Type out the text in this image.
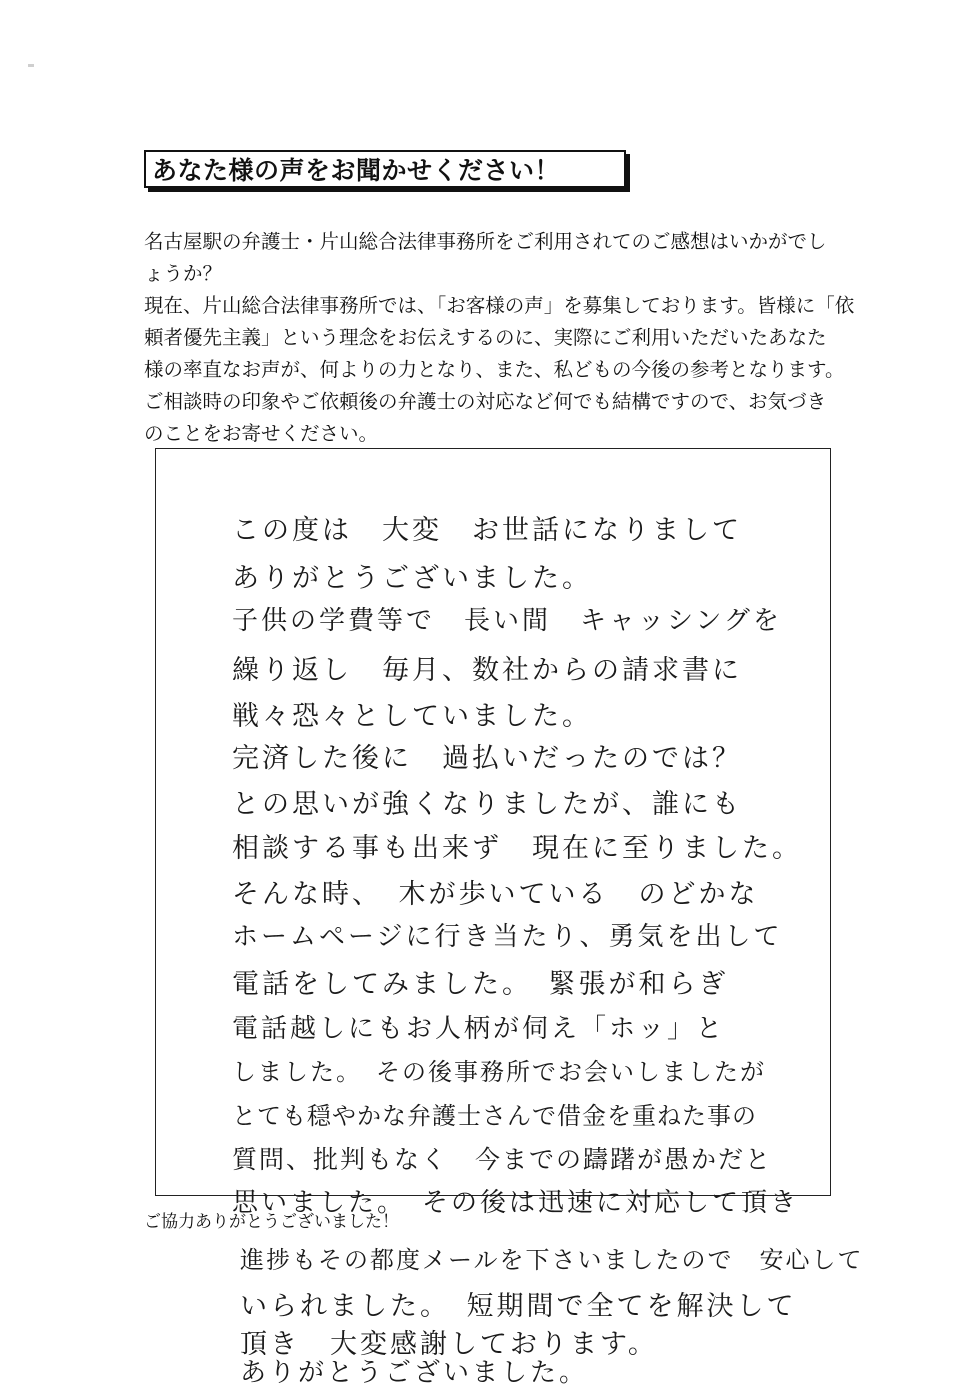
あなた様の声をお聞かせください！
名古屋駅の弁護士・片山総合法律事務所をご利用されてのご感想はいかがでし
ょうか？
現在、片山総合法律事務所では、「お客様の声」を募集しております。皆様に「依
頼者優先主義」という理念をお伝えするのに、実際にご利用いただいたあなた
様の率直なお声が、何よりの力となり、また、私どもの今後の参考となります。
ご相談時の印象やご依頼後の弁護士の対応など何でも結構ですので、お気づき
のことをお寄せください。
この度は　大変　お世話になりまして
ありがとうございました。
子供の学費等で　長い間　キャッシングを
繰り返し　毎月、数社からの請求書に
戦々恐々としていました。
完済した後に　過払いだったのでは？
との思いが強くなりましたが、誰にも
相談する事も出来ず　現在に至りました。
そんな時、　木が歩いている　のどかな
ホームページに行き当たり、勇気を出して
電話をしてみました。　緊張が和らぎ
電話越しにもお人柄が伺え「ホッ」と
しました。　その後事務所でお会いしましたが
とても穏やかな弁護士さんで借金を重ねた事の
質問、批判もなく　今までの躊躇が愚かだと
思いました。　その後は迅速に対応して頂き
ご協力ありがとうございました！
進捗もその都度メールを下さいましたので　安心して
いられました。　短期間で全てを解決して
頂き　大変感謝しております。
ありがとうございました。
